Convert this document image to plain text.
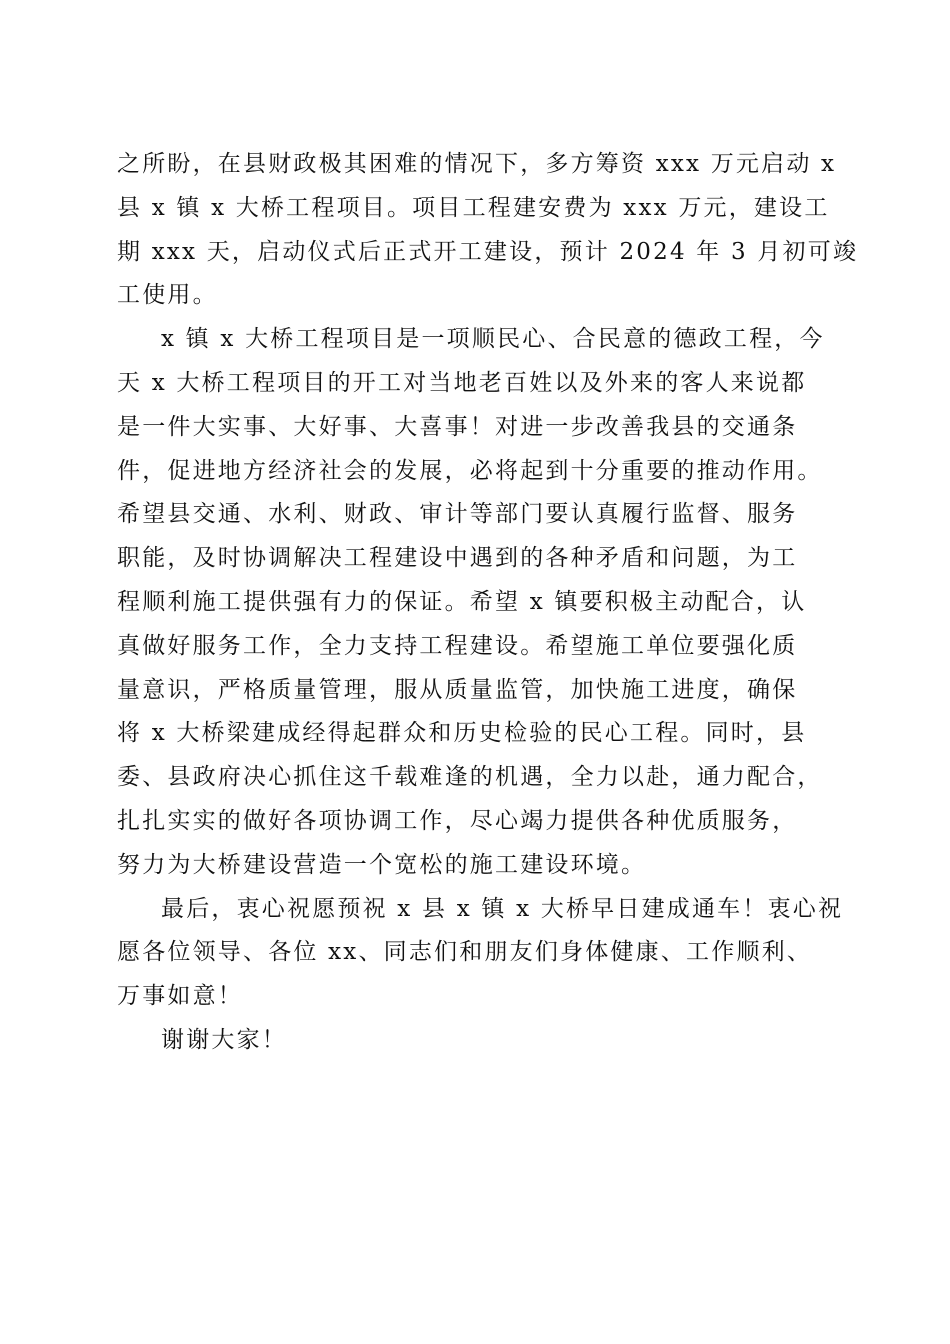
之所盼，在县财政极其困难的情况下，多方筹资 xxx 万元启动 x
县 x 镇 x 大桥工程项目。项目工程建安费为 xxx 万元，建设工
期 xxx 天，启动仪式后正式开工建设，预计 2024 年 3 月初可竣
工使用。
x 镇 x 大桥工程项目是一项顺民心、合民意的德政工程，今
天 x 大桥工程项目的开工对当地老百姓以及外来的客人来说都
是一件大实事、大好事、大喜事！对进一步改善我县的交通条
件，促进地方经济社会的发展，必将起到十分重要的推动作用。
希望县交通、水利、财政、审计等部门要认真履行监督、服务
职能，及时协调解决工程建设中遇到的各种矛盾和问题，为工
程顺利施工提供强有力的保证。希望 x 镇要积极主动配合，认
真做好服务工作，全力支持工程建设。希望施工单位要强化质
量意识，严格质量管理，服从质量监管，加快施工进度，确保
将 x 大桥梁建成经得起群众和历史检验的民心工程。同时，县
委、县政府决心抓住这千载难逢的机遇，全力以赴，通力配合，
扎扎实实的做好各项协调工作，尽心竭力提供各种优质服务，
努力为大桥建设营造一个宽松的施工建设环境。
最后，衷心祝愿预祝 x 县 x 镇 x 大桥早日建成通车！衷心祝
愿各位领导、各位 xx、同志们和朋友们身体健康、工作顺利、
万事如意！
谢谢大家！
